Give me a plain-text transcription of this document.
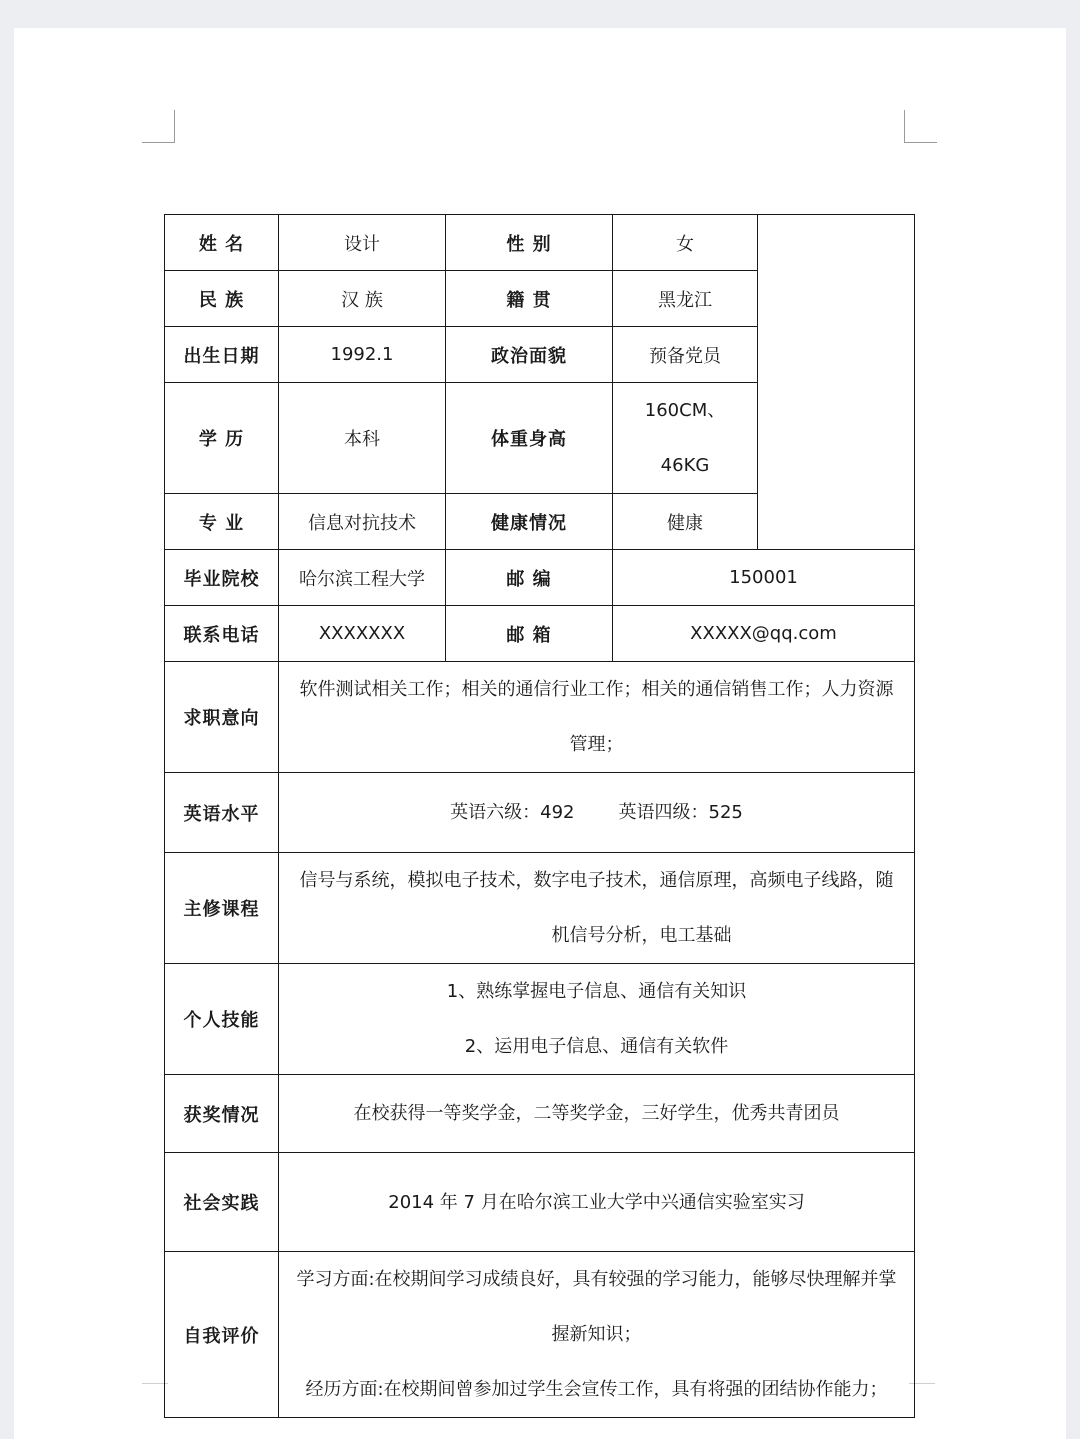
姓 名	设计	性 别	女	
民 族	汉 族	籍 贯	黑龙江	
出生日期	1992.1	政治面貌	预备党员	
学 历	本科	体重身高	160CM、
46KG	

专 业	信息对抗技术	健康情况	健康	
毕业院校	哈尔滨工程大学	邮 编	150001	
联系电话	XXXXXXX	邮 箱	XXXXX@qq.com	
求职意向	软件测试相关工作；相关的通信行业工作；相关的通信销售工作；人力资源
管理；			

英语水平	英语六级：492 英语四级：525			
主修课程	信号与系统，模拟电子技术，数字电子技术，通信原理，高频电子线路，随
机信号分析，电工基础			

个人技能	1、熟练掌握电子信息、通信有关知识
2、运用电子信息、通信有关软件			

获奖情况	在校获得一等奖学金，二等奖学金，三好学生，优秀共青团员			
社会实践	2014 年 7 月在哈尔滨工业大学中兴通信实验室实习			
自我评价	学习方面:在校期间学习成绩良好，具有较强的学习能力，能够尽快理解并掌
握新知识；
经历方面:在校期间曾参加过学生会宣传工作，具有将强的团结协作能力；			
